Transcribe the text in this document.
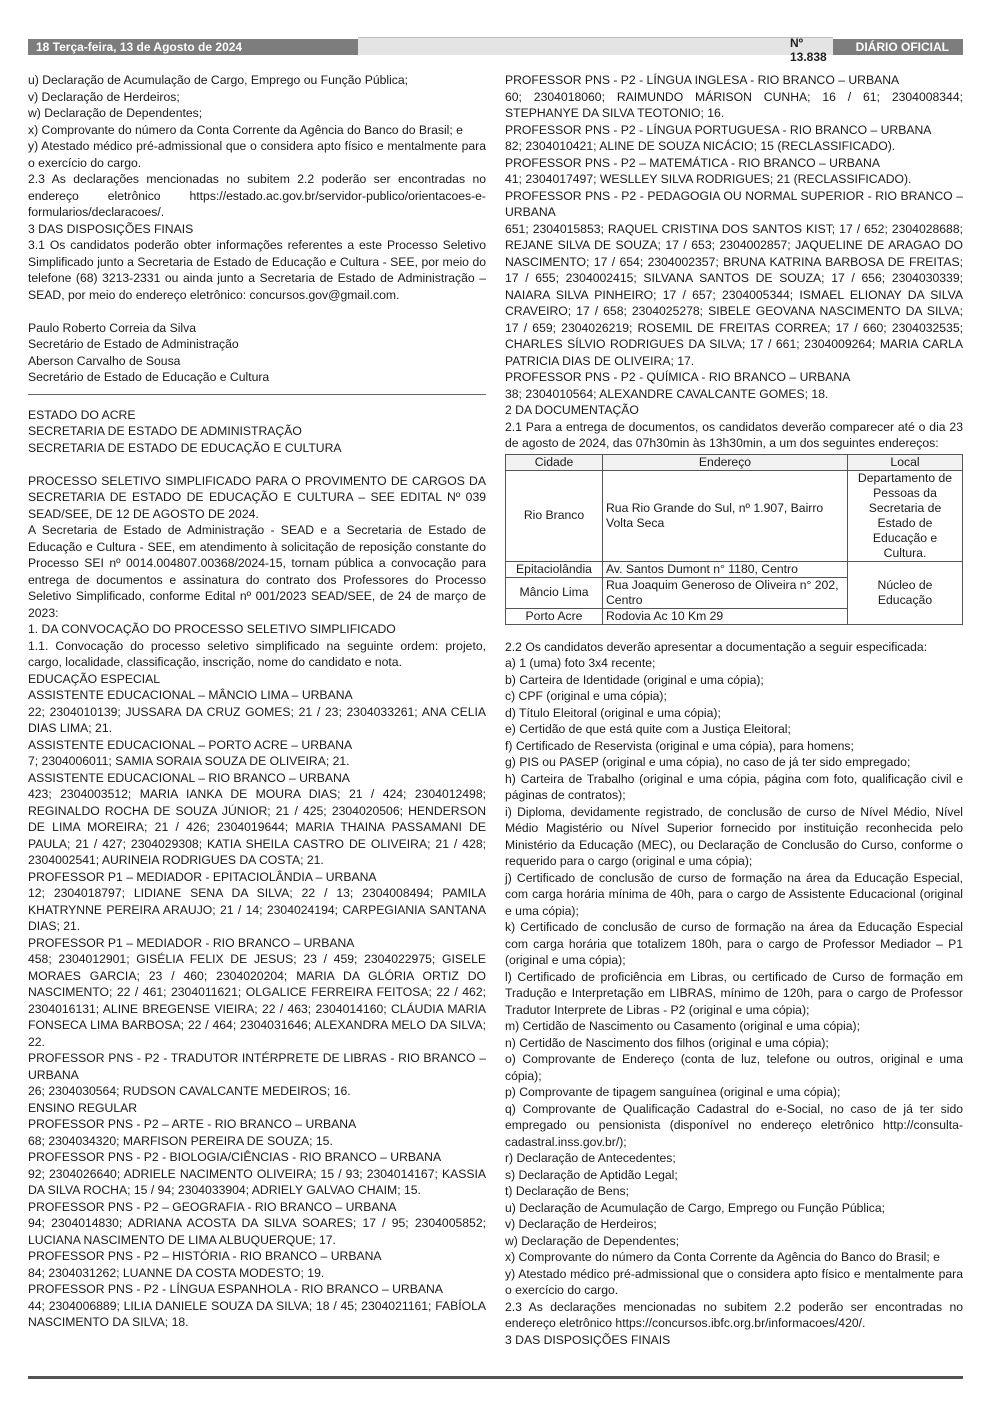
18 Terça-feira, 13 de Agosto de 2024	Nº 13.838
DIÁRIO OFICIAL

u) Declaração de Acumulação de Cargo, Emprego ou Função Pública;

v) Declaração de Herdeiros;

w) Declaração de Dependentes;

x) Comprovante do número da Conta Corrente da Agência do Banco do Brasil; e

y) Atestado médico pré-admissional que o considera apto físico e mentalmente para o exercício do cargo.

2.3 As declarações mencionadas no subitem 2.2 poderão ser encontradas no endereço eletrônico https://estado.ac.gov.br/servidor-publico/orientacoes-e-formularios/declaracoes/.

3 DAS DISPOSIÇÕES FINAIS

3.1 Os candidatos poderão obter informações referentes a este Processo Seletivo Simplificado junto a Secretaria de Estado de Educação e Cultura - SEE, por meio do telefone (68) 3213-2331 ou ainda junto a Secretaria de Estado de Administração – SEAD, por meio do endereço eletrônico: concursos.gov@gmail.com.

Paulo Roberto Correia da Silva

Secretário de Estado de Administração

Aberson Carvalho de Sousa

Secretário de Estado de Educação e Cultura

ESTADO DO ACRE

SECRETARIA DE ESTADO DE ADMINISTRAÇÃO

SECRETARIA DE ESTADO DE EDUCAÇÃO E CULTURA

PROCESSO SELETIVO SIMPLIFICADO PARA O PROVIMENTO DE CARGOS DA SECRETARIA DE ESTADO DE EDUCAÇÃO E CULTURA – SEE EDITAL Nº 039 SEAD/SEE, DE 12 DE AGOSTO DE 2024.

A Secretaria de Estado de Administração - SEAD e a Secretaria de Estado de Educação e Cultura - SEE, em atendimento à solicitação de reposição constante do Processo SEI nº 0014.004807.00368/2024-15, tornam pública a convocação para entrega de documentos e assinatura do contrato dos Professores do Processo Seletivo Simplificado, conforme Edital nº 001/2023 SEAD/SEE, de 24 de março de 2023:

1. DA CONVOCAÇÃO DO PROCESSO SELETIVO SIMPLIFICADO

1.1. Convocação do processo seletivo simplificado na seguinte ordem: projeto, cargo, localidade, classificação, inscrição, nome do candidato e nota.

EDUCAÇÃO ESPECIAL

ASSISTENTE EDUCACIONAL – MÂNCIO LIMA – URBANA

22; 2304010139; JUSSARA DA CRUZ GOMES; 21 / 23; 2304033261; ANA CELIA DIAS LIMA; 21.

ASSISTENTE EDUCACIONAL – PORTO ACRE – URBANA

7; 2304006011; SAMIA SORAIA SOUZA DE OLIVEIRA; 21.

ASSISTENTE EDUCACIONAL – RIO BRANCO – URBANA

423; 2304003512; MARIA IANKA DE MOURA DIAS; 21 / 424; 2304012498; REGINALDO ROCHA DE SOUZA JÚNIOR; 21 / 425; 2304020506; HENDERSON DE LIMA MOREIRA; 21 / 426; 2304019644; MARIA THAINA PASSAMANI DE PAULA; 21 / 427; 2304029308; KATIA SHEILA CASTRO DE OLIVEIRA; 21 / 428; 2304002541; AURINEIA RODRIGUES DA COSTA; 21.

PROFESSOR P1 – MEDIADOR - EPITACIOLÂNDIA – URBANA

12; 2304018797; LIDIANE SENA DA SILVA; 22 / 13; 2304008494; PAMILA KHATRYNNE PEREIRA ARAUJO; 21 / 14; 2304024194; CARPEGIANIA SANTANA DIAS; 21.

PROFESSOR P1 – MEDIADOR - RIO BRANCO – URBANA

458; 2304012901; GISÉLIA FELIX DE JESUS; 23 / 459; 2304022975; GISELE MORAES GARCIA; 23 / 460; 2304020204; MARIA DA GLÓRIA ORTIZ DO NASCIMENTO; 22 / 461; 2304011621; OLGALICE FERREIRA FEITOSA; 22 / 462; 2304016131; ALINE BREGENSE VIEIRA; 22 / 463; 2304014160; CLÁUDIA MARIA FONSECA LIMA BARBOSA; 22 / 464; 2304031646; ALEXANDRA MELO DA SILVA; 22.

PROFESSOR PNS - P2 - TRADUTOR INTÉRPRETE DE LIBRAS - RIO BRANCO – URBANA

26; 2304030564; RUDSON CAVALCANTE MEDEIROS; 16.

ENSINO REGULAR

PROFESSOR PNS - P2 – ARTE - RIO BRANCO – URBANA

68; 2304034320; MARFISON PEREIRA DE SOUZA; 15.

PROFESSOR PNS - P2 - BIOLOGIA/CIÊNCIAS - RIO BRANCO – URBANA

92; 2304026640; ADRIELE NACIMENTO OLIVEIRA; 15 / 93; 2304014167; KASSIA DA SILVA ROCHA; 15 / 94; 2304033904; ADRIELY GALVAO CHAIM; 15.

PROFESSOR PNS - P2 – GEOGRAFIA - RIO BRANCO – URBANA

94; 2304014830; ADRIANA ACOSTA DA SILVA SOARES; 17 / 95; 2304005852; LUCIANA NASCIMENTO DE LIMA ALBUQUERQUE; 17.

PROFESSOR PNS - P2 – HISTÓRIA - RIO BRANCO – URBANA

84; 2304031262; LUANNE DA COSTA MODESTO; 19.

PROFESSOR PNS - P2 - LÍNGUA ESPANHOLA - RIO BRANCO – URBANA

44; 2304006889; LILIA DANIELE SOUZA DA SILVA; 18 / 45; 2304021161; FABÍOLA NASCIMENTO DA SILVA; 18.

PROFESSOR PNS - P2 - LÍNGUA INGLESA - RIO BRANCO – URBANA

60; 2304018060; RAIMUNDO MÁRISON CUNHA; 16 / 61; 2304008344; STEPHANYE DA SILVA TEOTONIO; 16.

PROFESSOR PNS - P2 - LÍNGUA PORTUGUESA - RIO BRANCO – URBANA

82; 2304010421; ALINE DE SOUZA NICÁCIO; 15 (RECLASSIFICADO).

PROFESSOR PNS - P2 – MATEMÁTICA - RIO BRANCO – URBANA

41; 2304017497; WESLLEY SILVA RODRIGUES; 21 (RECLASSIFICADO).

PROFESSOR PNS - P2 - PEDAGOGIA OU NORMAL SUPERIOR - RIO BRANCO – URBANA

651; 2304015853; RAQUEL CRISTINA DOS SANTOS KIST; 17 / 652; 2304028688; REJANE SILVA DE SOUZA; 17 / 653; 2304002857; JAQUELINE DE ARAGAO DO NASCIMENTO; 17 / 654; 2304002357; BRUNA KATRINA BARBOSA DE FREITAS; 17 / 655; 2304002415; SILVANA SANTOS DE SOUZA; 17 / 656; 2304030339; NAIARA SILVA PINHEIRO; 17 / 657; 2304005344; ISMAEL ELIONAY DA SILVA CRAVEIRO; 17 / 658; 2304025278; SIBELE GEOVANA NASCIMENTO DA SILVA; 17 / 659; 2304026219; ROSEMIL DE FREITAS CORREA; 17 / 660; 2304032535; CHARLES SÍLVIO RODRIGUES DA SILVA; 17 / 661; 2304009264; MARIA CARLA PATRICIA DIAS DE OLIVEIRA; 17.

PROFESSOR PNS - P2 - QUÍMICA - RIO BRANCO – URBANA

38; 2304010564; ALEXANDRE CAVALCANTE GOMES; 18.

2 DA DOCUMENTAÇÃO

2.1 Para a entrega de documentos, os candidatos deverão comparecer até o dia 23 de agosto de 2024, das 07h30min às 13h30min, a um dos seguintes endereços:

Cidade	Endereço	Local
Rio Branco	Rua Rio Grande do Sul, nº 1.907, Bairro Volta Seca	Departamento de Pessoas da Secretaria de Estado de Educação e Cultura.
Epitaciolândia	Av. Santos Dumont n° 1180, Centro	Núcleo de Educação
Mâncio Lima	Rua Joaquim Generoso de Oliveira n° 202, Centro	
Porto Acre	Rodovia Ac 10 Km 29	

2.2 Os candidatos deverão apresentar a documentação a seguir especificada:

a) 1 (uma) foto 3x4 recente;

b) Carteira de Identidade (original e uma cópia);

c) CPF (original e uma cópia);

d) Título Eleitoral (original e uma cópia);

e) Certidão de que está quite com a Justiça Eleitoral;

f) Certificado de Reservista (original e uma cópia), para homens;

g) PIS ou PASEP (original e uma cópia), no caso de já ter sido empregado;

h) Carteira de Trabalho (original e uma cópia, página com foto, qualificação civil e páginas de contratos);

i) Diploma, devidamente registrado, de conclusão de curso de Nível Médio, Nível Médio Magistério ou Nível Superior fornecido por instituição reconhecida pelo Ministério da Educação (MEC), ou Declaração de Conclusão do Curso, conforme o requerido para o cargo (original e uma cópia);

j) Certificado de conclusão de curso de formação na área da Educação Especial, com carga horária mínima de 40h, para o cargo de Assistente Educacional (original e uma cópia);

k) Certificado de conclusão de curso de formação na área da Educação Especial com carga horária que totalizem 180h, para o cargo de Professor Mediador – P1 (original e uma cópia);

l) Certificado de proficiência em Libras, ou certificado de Curso de formação em Tradução e Interpretação em LIBRAS, mínimo de 120h, para o cargo de Professor Tradutor Interprete de Libras - P2 (original e uma cópia);

m) Certidão de Nascimento ou Casamento (original e uma cópia);

n) Certidão de Nascimento dos filhos (original e uma cópia);

o) Comprovante de Endereço (conta de luz, telefone ou outros, original e uma cópia);

p) Comprovante de tipagem sanguínea (original e uma cópia);

q) Comprovante de Qualificação Cadastral do e-Social, no caso de já ter sido empregado ou pensionista (disponível no endereço eletrônico http://consulta-cadastral.inss.gov.br/);

r) Declaração de Antecedentes;

s) Declaração de Aptidão Legal;

t) Declaração de Bens;

u) Declaração de Acumulação de Cargo, Emprego ou Função Pública;

v) Declaração de Herdeiros;

w) Declaração de Dependentes;

x) Comprovante do número da Conta Corrente da Agência do Banco do Brasil; e

y) Atestado médico pré-admissional que o considera apto físico e mentalmente para o exercício do cargo.

2.3 As declarações mencionadas no subitem 2.2 poderão ser encontradas no endereço eletrônico https://concursos.ibfc.org.br/informacoes/420/.

3 DAS DISPOSIÇÕES FINAIS
